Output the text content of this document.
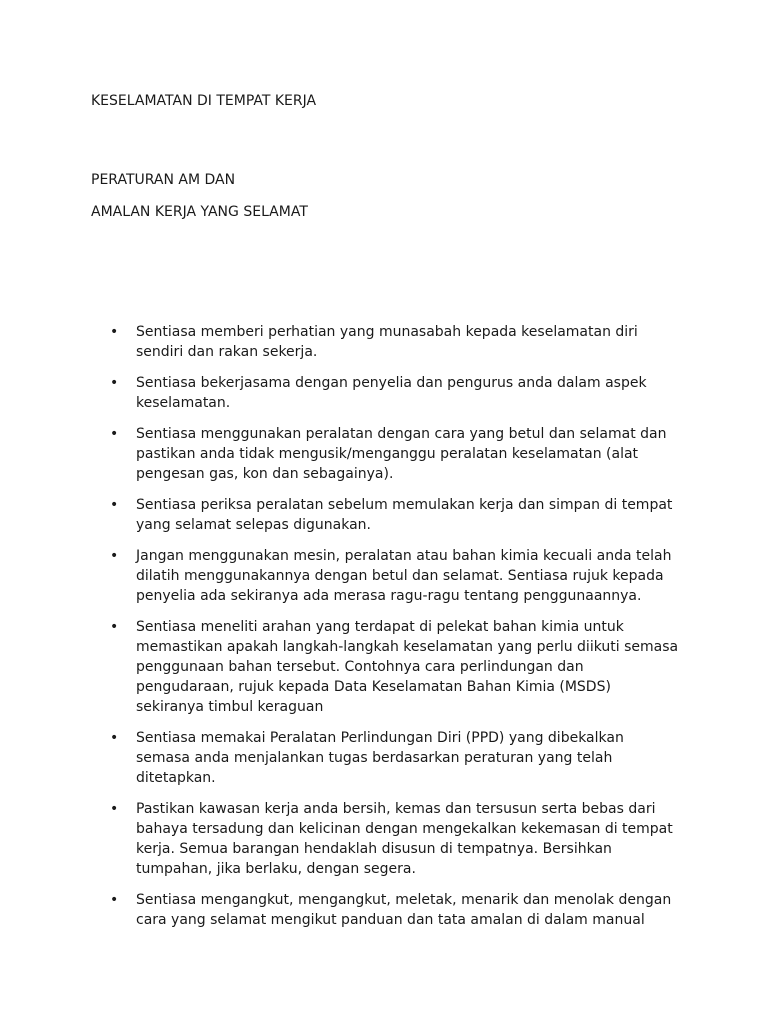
KESELAMATAN DI TEMPAT KERJA
PERATURAN AM DAN
AMALAN KERJA YANG SELAMAT
• Sentiasa memberi perhatian yang munasabah kepada keselamatan diri sendiri dan rakan sekerja.
• Sentiasa bekerjasama dengan penyelia dan pengurus anda dalam aspek keselamatan.
• Sentiasa menggunakan peralatan dengan cara yang betul dan selamat dan pastikan anda tidak mengusik/menganggu peralatan keselamatan (alat pengesan gas, kon dan sebagainya).
• Sentiasa periksa peralatan sebelum memulakan kerja dan simpan di tempat yang selamat selepas digunakan.
• Jangan menggunakan mesin, peralatan atau bahan kimia kecuali anda telah dilatih menggunakannya dengan betul dan selamat. Sentiasa rujuk kepada penyelia ada sekiranya ada merasa ragu-ragu tentang penggunaannya.
• Sentiasa meneliti arahan yang terdapat di pelekat bahan kimia untuk memastikan apakah langkah-langkah keselamatan yang perlu diikuti semasa penggunaan bahan tersebut. Contohnya cara perlindungan dan pengudaraan, rujuk kepada Data Keselamatan Bahan Kimia (MSDS) sekiranya timbul keraguan
• Sentiasa memakai Peralatan Perlindungan Diri (PPD) yang dibekalkan semasa anda menjalankan tugas berdasarkan peraturan yang telah ditetapkan.
• Pastikan kawasan kerja anda bersih, kemas dan tersusun serta bebas dari bahaya tersadung dan kelicinan dengan mengekalkan kekemasan di tempat kerja. Semua barangan hendaklah disusun di tempatnya. Bersihkan tumpahan, jika berlaku, dengan segera.
• Sentiasa mengangkut, mengangkut, meletak, menarik dan menolak dengan cara yang selamat mengikut panduan dan tata amalan di dalam manual
